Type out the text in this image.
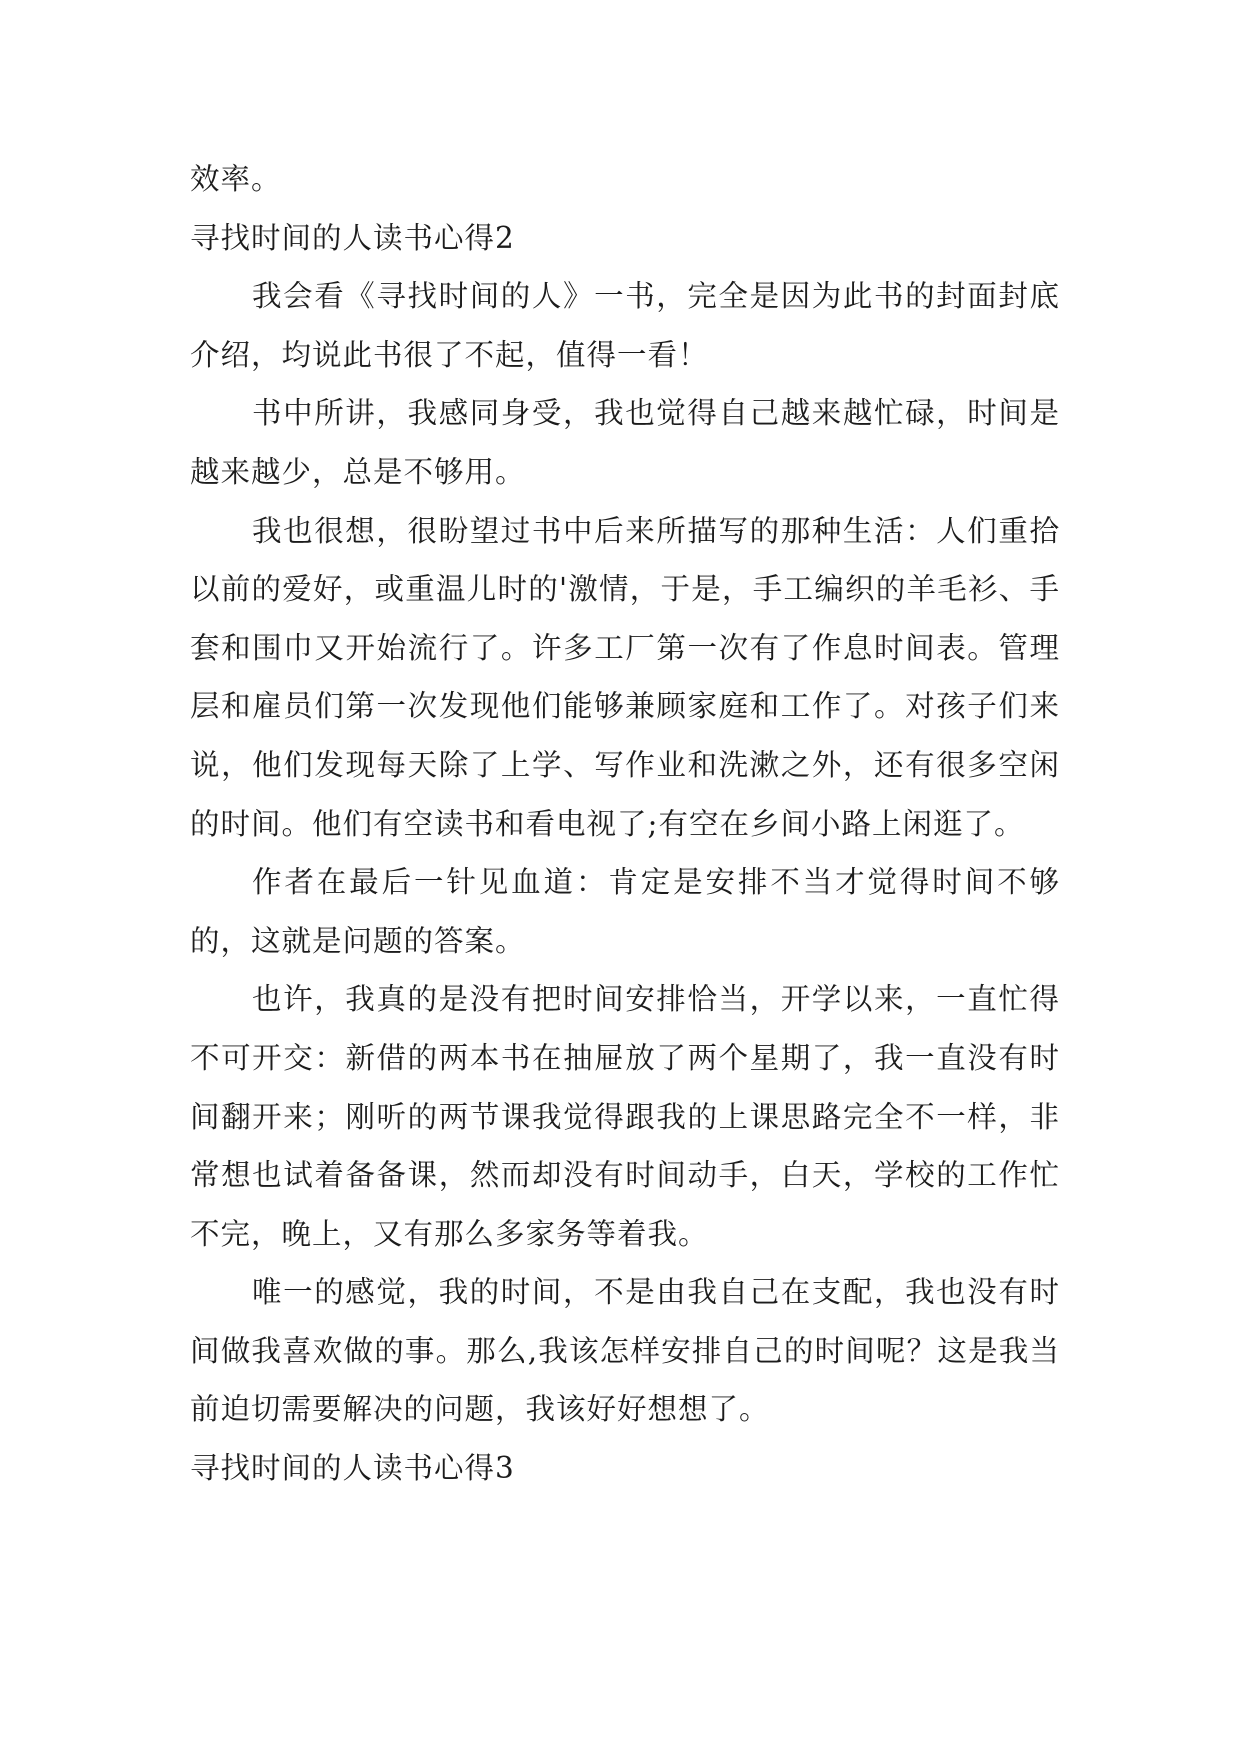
效率。

寻找时间的人读书心得2

我会看《寻找时间的人》一书，完全是因为此书的封面封底介绍，均说此书很了不起，值得一看！

书中所讲，我感同身受，我也觉得自己越来越忙碌，时间是越来越少，总是不够用。

我也很想，很盼望过书中后来所描写的那种生活：人们重拾以前的爱好，或重温儿时的'激情，于是，手工编织的羊毛衫、手套和围巾又开始流行了。许多工厂第一次有了作息时间表。管理层和雇员们第一次发现他们能够兼顾家庭和工作了。对孩子们来说，他们发现每天除了上学、写作业和洗漱之外，还有很多空闲的时间。他们有空读书和看电视了;有空在乡间小路上闲逛了。

作者在最后一针见血道：肯定是安排不当才觉得时间不够的，这就是问题的答案。

也许，我真的是没有把时间安排恰当，开学以来，一直忙得不可开交：新借的两本书在抽屉放了两个星期了，我一直没有时间翻开来；刚听的两节课我觉得跟我的上课思路完全不一样，非常想也试着备备课，然而却没有时间动手，白天，学校的工作忙不完，晚上，又有那么多家务等着我。

唯一的感觉，我的时间，不是由我自己在支配，我也没有时间做我喜欢做的事。那么,我该怎样安排自己的时间呢？这是我当前迫切需要解决的问题，我该好好想想了。

寻找时间的人读书心得3
